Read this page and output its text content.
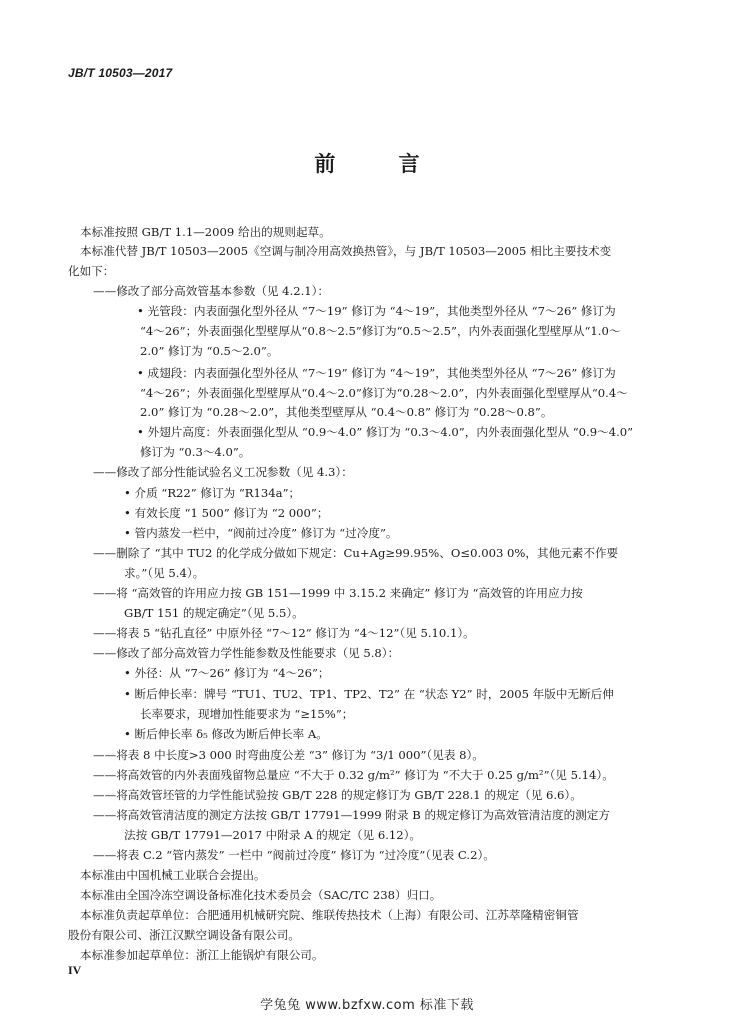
JB/T 10503—2017
前 言
本标准按照 GB/T 1.1—2009 给出的规则起草。
本标准代替 JB/T 10503—2005《空调与制冷用高效换热管》，与 JB/T 10503—2005 相比主要技术变
化如下：
——修改了部分高效管基本参数（见 4.2.1）：
• 光管段：内表面强化型外径从 “7～19” 修订为 “4～19”，其他类型外径从 “7～26” 修订为
“4～26”；外表面强化型壁厚从“0.8～2.5”修订为“0.5～2.5”，内外表面强化型壁厚从“1.0～
2.0” 修订为 “0.5～2.0”。
• 成翅段：内表面强化型外径从 “7～19” 修订为 “4～19”，其他类型外径从 “7～26” 修订为
“4～26”；外表面强化型壁厚从“0.4～2.0”修订为“0.28～2.0”，内外表面强化型壁厚从“0.4～
2.0” 修订为 “0.28～2.0”，其他类型壁厚从 “0.4～0.8” 修订为 “0.28～0.8”。
• 外翅片高度：外表面强化型从 “0.9～4.0” 修订为 “0.3～4.0”，内外表面强化型从 “0.9～4.0”
修订为 “0.3～4.0”。
——修改了部分性能试验名义工况参数（见 4.3）：
• 介质 “R22” 修订为 “R134a”；
• 有效长度 “1 500” 修订为 “2 000”；
• 管内蒸发一栏中，“阀前过冷度” 修订为 “过冷度”。
——删除了 “其中 TU2 的化学成分做如下规定：Cu+Ag≥99.95%、O≤0.003 0%，其他元素不作要
求。”（见 5.4）。
——将 “高效管的许用应力按 GB 151—1999 中 3.15.2 来确定” 修订为 “高效管的许用应力按
GB/T 151 的规定确定”（见 5.5）。
——将表 5 “钻孔直径” 中原外径 “7～12” 修订为 “4～12”（见 5.10.1）。
——修改了部分高效管力学性能参数及性能要求（见 5.8）：
• 外径：从 “7～26” 修订为 “4～26”；
• 断后伸长率：牌号 “TU1、TU2、TP1、TP2、T2” 在 “状态 Y2” 时，2005 年版中无断后伸
长率要求，现增加性能要求为 “≥15%”；
• 断后伸长率 δ₅ 修改为断后伸长率 A。
——将表 8 中长度>3 000 时弯曲度公差 “3” 修订为 “3/1 000”（见表 8）。
——将高效管的内外表面残留物总量应 “不大于 0.32 g/m²” 修订为 “不大于 0.25 g/m²”（见 5.14）。
——将高效管坯管的力学性能试验按 GB/T 228 的规定修订为 GB/T 228.1 的规定（见 6.6）。
——将高效管清洁度的测定方法按 GB/T 17791—1999 附录 B 的规定修订为高效管清洁度的测定方
法按 GB/T 17791—2017 中附录 A 的规定（见 6.12）。
——将表 C.2 “管内蒸发” 一栏中 “阀前过冷度” 修订为 “过冷度”（见表 C.2）。
本标准由中国机械工业联合会提出。
本标准由全国冷冻空调设备标准化技术委员会（SAC/TC 238）归口。
本标准负责起草单位：合肥通用机械研究院、维联传热技术（上海）有限公司、江苏萃隆精密铜管
股份有限公司、浙江汉默空调设备有限公司。
本标准参加起草单位：浙江上能锅炉有限公司。
IV
学兔兔 www.bzfxw.com 标准下载
